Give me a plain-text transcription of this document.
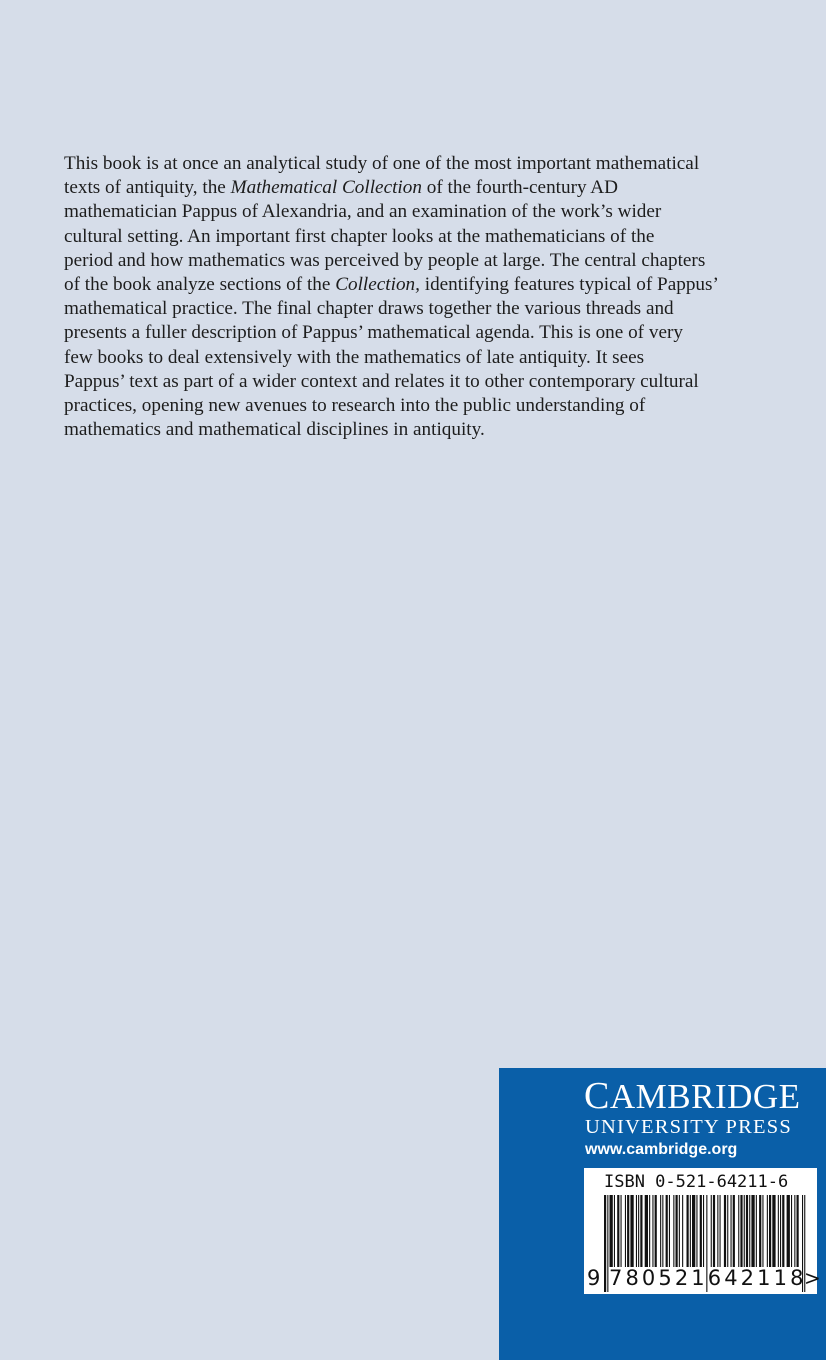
This book is at once an analytical study of one of the most important mathematical
texts of antiquity, the Mathematical Collection of the fourth-century AD
mathematician Pappus of Alexandria, and an examination of the work’s wider
cultural setting. An important first chapter looks at the mathematicians of the
period and how mathematics was perceived by people at large. The central chapters
of the book analyze sections of the Collection, identifying features typical of Pappus’
mathematical practice. The final chapter draws together the various threads and
presents a fuller description of Pappus’ mathematical agenda. This is one of very
few books to deal extensively with the mathematics of late antiquity. It sees
Pappus’ text as part of a wider context and relates it to other contemporary cultural
practices, opening new avenues to research into the public understanding of
mathematics and mathematical disciplines in antiquity.

CAMBRIDGE

UNIVERSITY PRESS

www.cambridge.org

ISBN 0-521-64211-6

9 780521642118

>
